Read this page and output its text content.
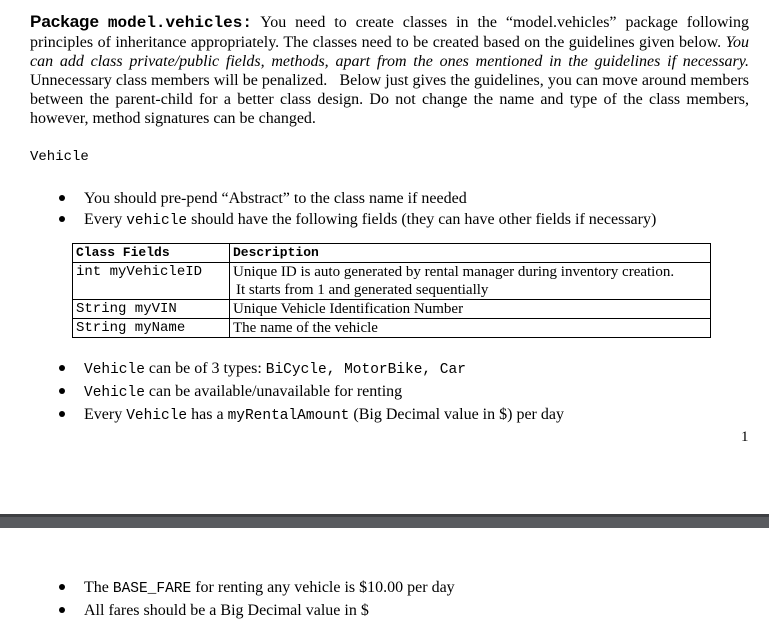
Package model.vehicles: You need to create classes in the “model.vehicles” package following principles of inheritance appropriately. The classes need to be created based on the guidelines given below. You can add class private/public fields, methods, apart from the ones mentioned in the guidelines if necessary. Unnecessary class members will be penalized.   Below just gives the guidelines, you can move around members between the parent-child for a better class design. Do not change the name and type of the class members, however, method signatures can be changed.
Vehicle
You should pre-pend “Abstract” to the class name if needed
Every vehicle should have the following fields (they can have other fields if necessary)
Class Fields	Description
int myVehicleID	Unique ID is auto generated by rental manager during inventory creation.
It starts from 1 and generated sequentially
String myVIN	Unique Vehicle Identification Number
String myName	The name of the vehicle
Vehicle can be of 3 types: BiCycle, MotorBike, Car
Vehicle can be available/unavailable for renting
Every Vehicle has a myRentalAmount (Big Decimal value in $) per day
1
The BASE_FARE for renting any vehicle is $10.00 per day
All fares should be a Big Decimal value in $
